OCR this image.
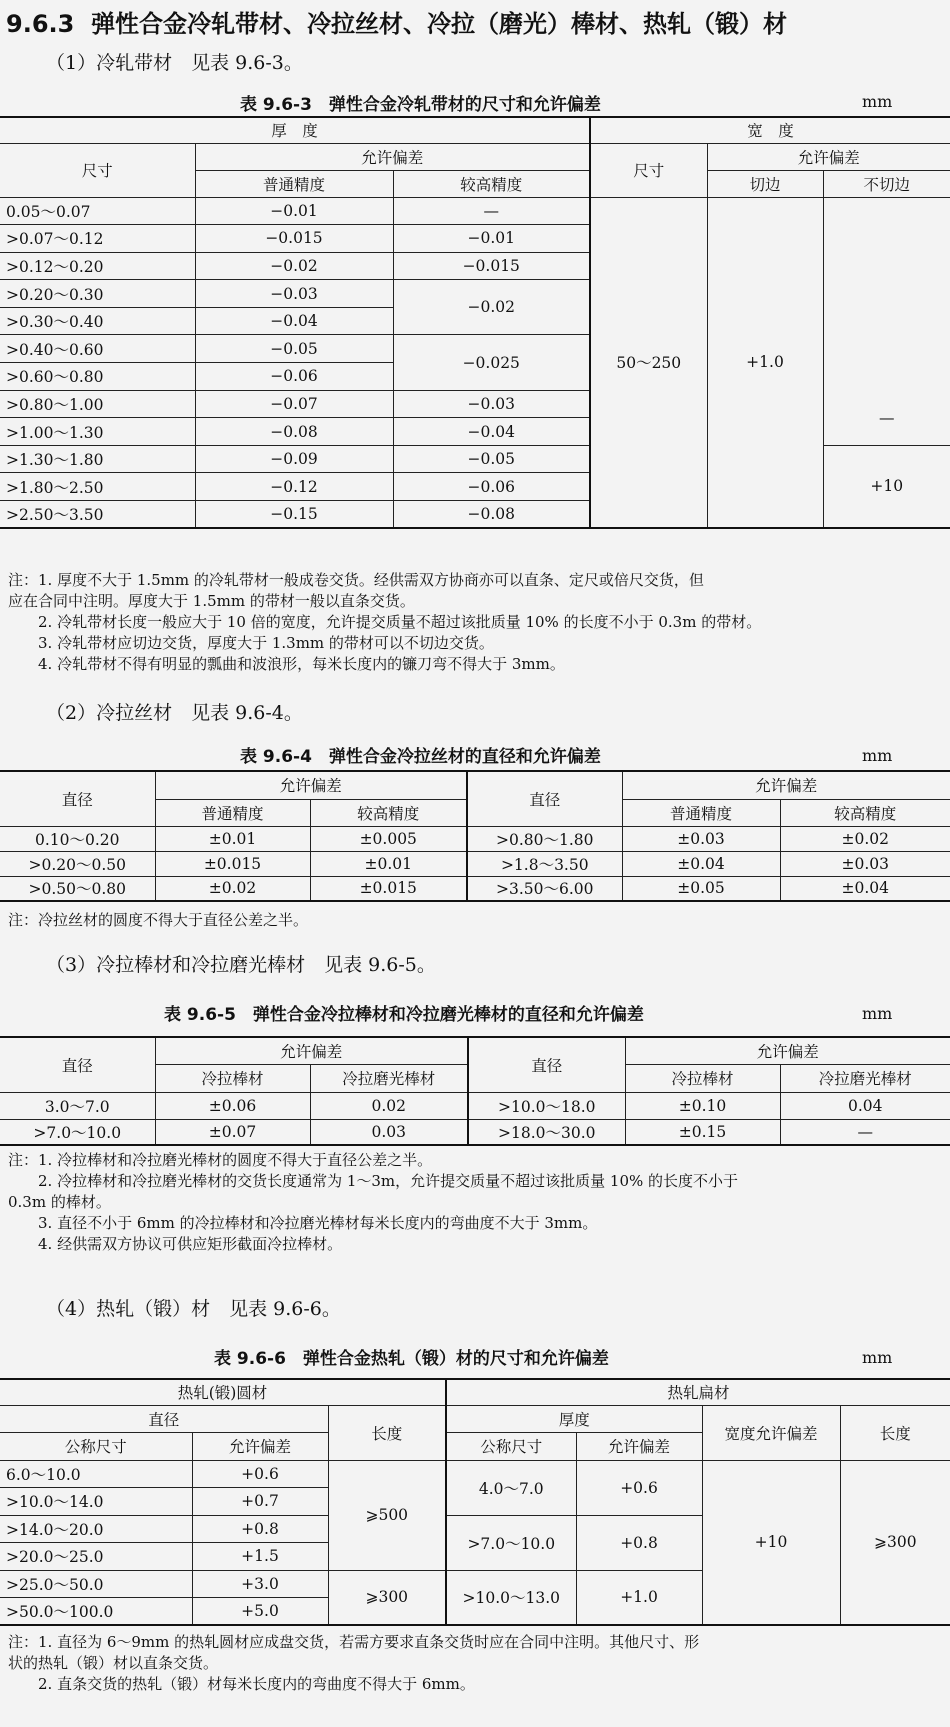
9.6.3 弹性合金冷轧带材、冷拉丝材、冷拉（磨光）棒材、热轧（锻）材
（1）冷轧带材　见表 9.6-3。
表 9.6-3　弹性合金冷轧带材的尺寸和允许偏差	mm
厚　度			宽　度		
尺寸	允许偏差		尺寸	允许偏差	
	普通精度	较高精度		切边	不切边
0.05～0.07	−0.01	—	50～250	+1.0	—
>0.07～0.12	−0.015	−0.01			
>0.12～0.20	−0.02	−0.015			
>0.20～0.30	−0.03	−0.02			
>0.30～0.40	−0.04				
>0.40～0.60	−0.05	−0.025			
>0.60～0.80	−0.06				
>0.80～1.00	−0.07	−0.03			
>1.00～1.30	−0.08	−0.04			
>1.30～1.80	−0.09	−0.05			+10
>1.80～2.50	−0.12	−0.06			
>2.50～3.50	−0.15	−0.08			
注：1. 厚度不大于 1.5mm 的冷轧带材一般成卷交货。经供需双方协商亦可以直条、定尺或倍尺交货，但
应在合同中注明。厚度大于 1.5mm 的带材一般以直条交货。
2. 冷轧带材长度一般应大于 10 倍的宽度，允许提交质量不超过该批质量 10% 的长度不小于 0.3m 的带材。
3. 冷轧带材应切边交货，厚度大于 1.3mm 的带材可以不切边交货。
4. 冷轧带材不得有明显的瓢曲和波浪形，每米长度内的镰刀弯不得大于 3mm。
（2）冷拉丝材　见表 9.6-4。
表 9.6-4　弹性合金冷拉丝材的直径和允许偏差	mm
直径	允许偏差		直径	允许偏差	
	普通精度	较高精度		普通精度	较高精度
0.10～0.20	±0.01	±0.005	>0.80～1.80	±0.03	±0.02
>0.20～0.50	±0.015	±0.01	>1.8～3.50	±0.04	±0.03
>0.50～0.80	±0.02	±0.015	>3.50～6.00	±0.05	±0.04
注：冷拉丝材的圆度不得大于直径公差之半。
（3）冷拉棒材和冷拉磨光棒材　见表 9.6-5。
表 9.6-5　弹性合金冷拉棒材和冷拉磨光棒材的直径和允许偏差	mm
直径	允许偏差		直径	允许偏差	
	冷拉棒材	冷拉磨光棒材		冷拉棒材	冷拉磨光棒材
3.0～7.0	±0.06	0.02	>10.0～18.0	±0.10	0.04
>7.0～10.0	±0.07	0.03	>18.0～30.0	±0.15	—
注：1. 冷拉棒材和冷拉磨光棒材的圆度不得大于直径公差之半。
2. 冷拉棒材和冷拉磨光棒材的交货长度通常为 1～3m，允许提交质量不超过该批质量 10% 的长度不小于
0.3m 的棒材。
3. 直径不小于 6mm 的冷拉棒材和冷拉磨光棒材每米长度内的弯曲度不大于 3mm。
4. 经供需双方协议可供应矩形截面冷拉棒材。
（4）热轧（锻）材　见表 9.6-6。
表 9.6-6　弹性合金热轧（锻）材的尺寸和允许偏差	mm
热轧(锻)圆材			热轧扁材			
直径		长度	厚度		宽度允许偏差	长度
公称尺寸	允许偏差		公称尺寸	允许偏差		
6.0～10.0	+0.6	⩾500	4.0～7.0	+0.6	+10	⩾300
>10.0～14.0	+0.7					
>14.0～20.0	+0.8		>7.0～10.0	+0.8		
>20.0～25.0	+1.5					
>25.0～50.0	+3.0	⩾300	>10.0～13.0	+1.0		
>50.0～100.0	+5.0					
注：1. 直径为 6～9mm 的热轧圆材应成盘交货，若需方要求直条交货时应在合同中注明。其他尺寸、形
状的热轧（锻）材以直条交货。
2. 直条交货的热轧（锻）材每米长度内的弯曲度不得大于 6mm。
